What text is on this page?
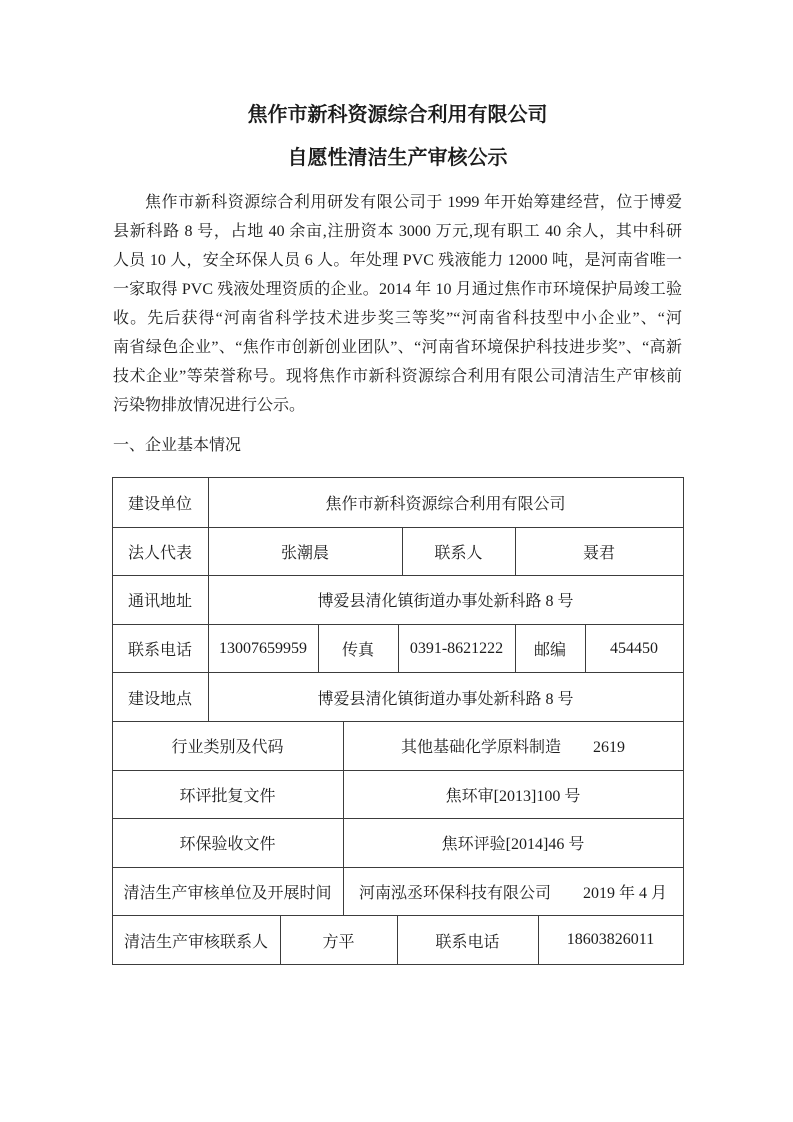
焦作市新科资源综合利用有限公司
自愿性清洁生产审核公示
焦作市新科资源综合利用研发有限公司于 1999 年开始筹建经营，位于博爱
县新科路 8 号，占地 40 余亩,注册资本 3000 万元,现有职工 40 余人，其中科研
人员 10 人，安全环保人员 6 人。年处理 PVC 残液能力 12000 吨，是河南省唯一
一家取得 PVC 残液处理资质的企业。2014 年 10 月通过焦作市环境保护局竣工验
收。先后获得“河南省科学技术进步奖三等奖”“河南省科技型中小企业”、“河
南省绿色企业”、“焦作市创新创业团队”、“河南省环境保护科技进步奖”、“高新
技术企业”等荣誉称号。现将焦作市新科资源综合利用有限公司清洁生产审核前
污染物排放情况进行公示。
一、企业基本情况
建设单位	焦作市新科资源综合利用有限公司
法人代表	张潮晨	联系人	聂君
通讯地址	博爱县清化镇街道办事处新科路 8 号
联系电话	13007659959	传真	0391-8621222	邮编	454450
建设地点	博爱县清化镇街道办事处新科路 8 号
行业类别及代码	其他基础化学原料制造　　2619
环评批复文件	焦环审[2013]100 号
环保验收文件	焦环评验[2014]46 号
清洁生产审核单位及开展时间	河南泓丞环保科技有限公司　　2019 年 4 月
清洁生产审核联系人	方平	联系电话	18603826011
